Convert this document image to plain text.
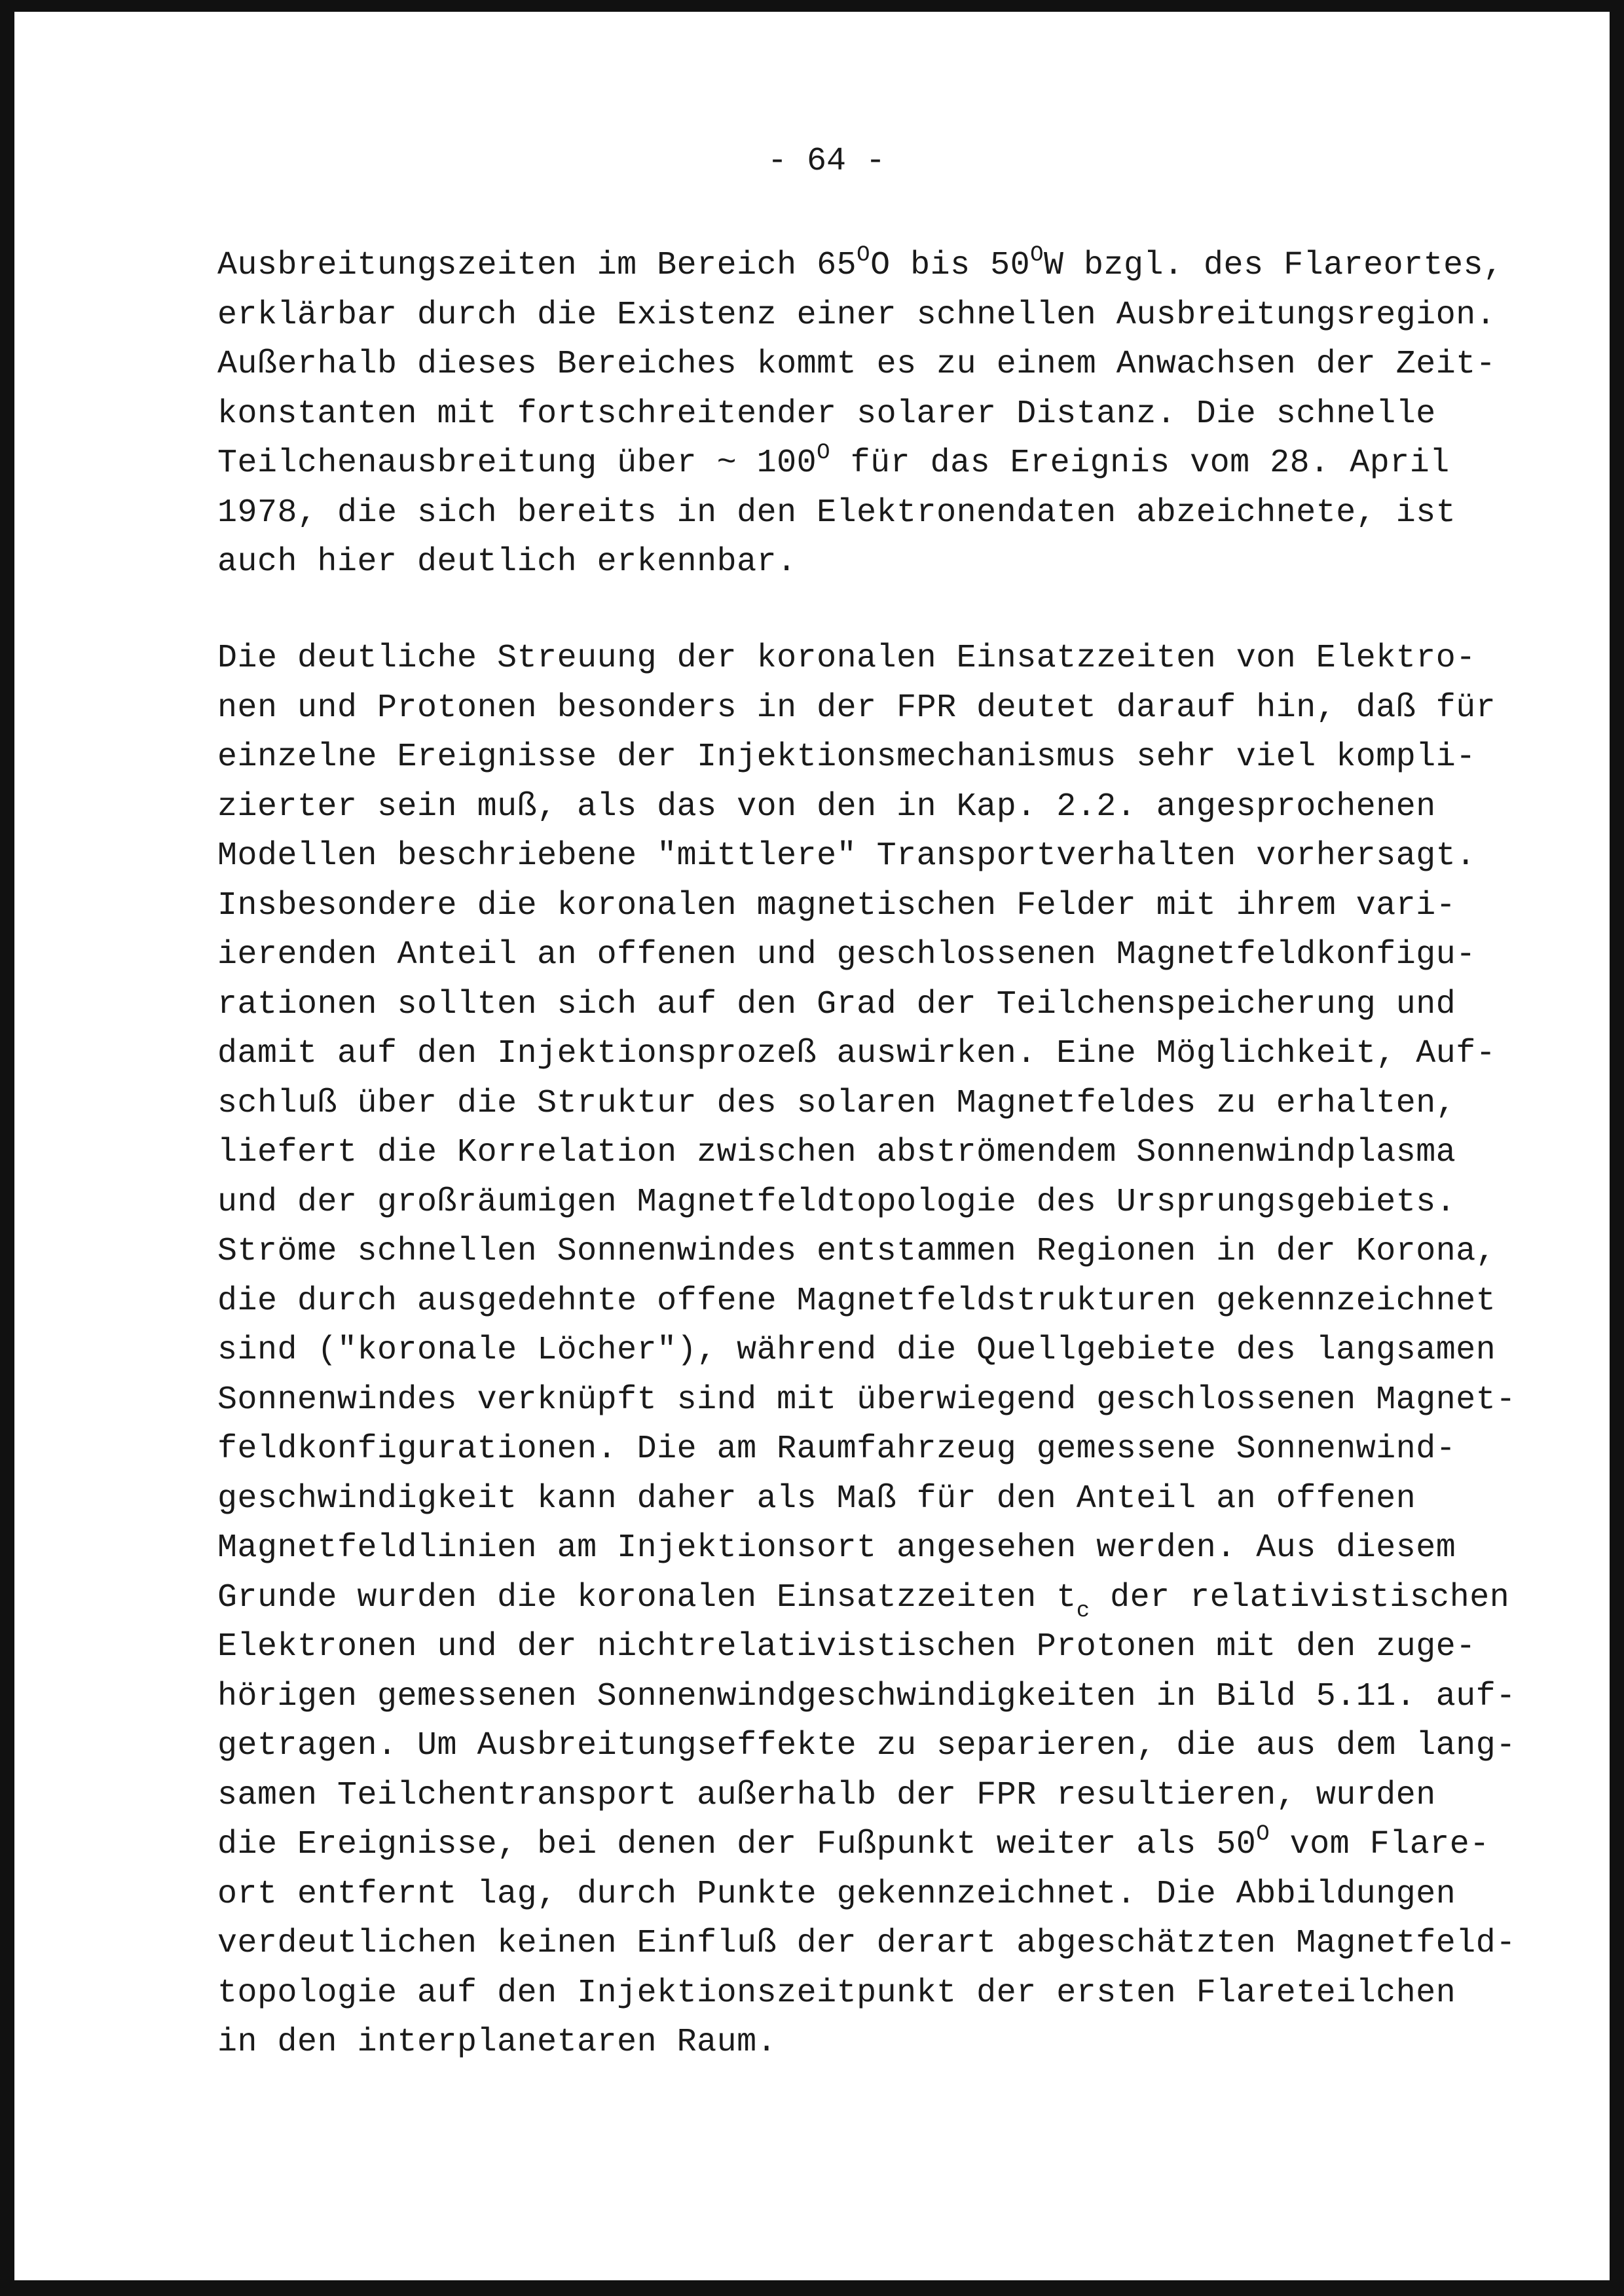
- 64 -
Ausbreitungszeiten im Bereich $65^OO$ bis $50^OW$ bzgl. des Flareortes,
erklärbar durch die Existenz einer schnellen Ausbreitungsregion.
Außerhalb dieses Bereiches kommt es zu einem Anwachsen der Zeit-
konstanten mit fortschreitender solarer Distanz. Die schnelle
Teilchenausbreitung über ~ $100^O$ für das Ereignis vom 28. April
1978, die sich bereits in den Elektronendaten abzeichnete, ist
auch hier deutlich erkennbar.
Die deutliche Streuung der koronalen Einsatzzeiten von Elektro-
nen und Protonen besonders in der FPR deutet darauf hin, daß für
einzelne Ereignisse der Injektionsmechanismus sehr viel kompli-
zierter sein muß, als das von den in Kap. 2.2. angesprochenen
Modellen beschriebene "mittlere" Transportverhalten vorhersagt.
Insbesondere die koronalen magnetischen Felder mit ihrem vari-
ierenden Anteil an offenen und geschlossenen Magnetfeldkonfigu-
rationen sollten sich auf den Grad der Teilchenspeicherung und
damit auf den Injektionsprozeß auswirken. Eine Möglichkeit, Auf-
schluß über die Struktur des solaren Magnetfeldes zu erhalten,
liefert die Korrelation zwischen abströmendem Sonnenwindplasma
und der großräumigen Magnetfeldtopologie des Ursprungsgebiets.
Ströme schnellen Sonnenwindes entstammen Regionen in der Korona,
die durch ausgedehnte offene Magnetfeldstrukturen gekennzeichnet
sind ("koronale Löcher"), während die Quellgebiete des langsamen
Sonnenwindes verknüpft sind mit überwiegend geschlossenen Magnet-
feldkonfigurationen. Die am Raumfahrzeug gemessene Sonnenwind-
geschwindigkeit kann daher als Maß für den Anteil an offenen
Magnetfeldlinien am Injektionsort angesehen werden. Aus diesem
Grunde wurden die koronalen Einsatzzeiten $t_c$ der relativistischen
Elektronen und der nichtrelativistischen Protonen mit den zuge-
hörigen gemessenen Sonnenwindgeschwindigkeiten in Bild 5.11. auf-
getragen. Um Ausbreitungseffekte zu separieren, die aus dem lang-
samen Teilchentransport außerhalb der FPR resultieren, wurden
die Ereignisse, bei denen der Fußpunkt weiter als $50^O$ vom Flare-
ort entfernt lag, durch Punkte gekennzeichnet. Die Abbildungen
verdeutlichen keinen Einfluß der derart abgeschätzten Magnetfeld-
topologie auf den Injektionszeitpunkt der ersten Flareteilchen
in den interplanetaren Raum.
